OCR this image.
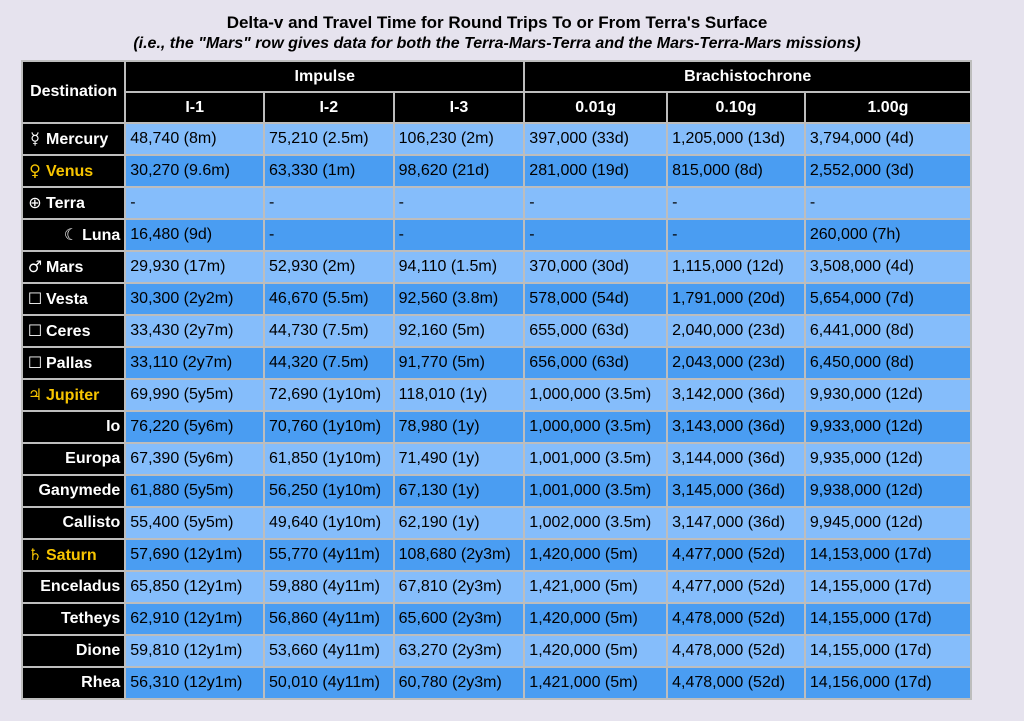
Delta-v and Travel Time for Round Trips To or From Terra's Surface
(i.e., the "Mars" row gives data for both the Terra-Mars-Terra and the Mars-Terra-Mars missions)
Destination	Impulse			Brachistochrone		
	I-1	I-2	I-3	0.01g	0.10g	1.00g
☿ Mercury	48,740 (8m)	75,210 (2.5m)	106,230 (2m)	397,000 (33d)	1,205,000 (13d)	3,794,000 (4d)
♀ Venus	30,270 (9.6m)	63,330 (1m)	98,620 (21d)	281,000 (19d)	815,000 (8d)	2,552,000 (3d)
⊕ Terra	-	-	-	-	-	-
☾ Luna	16,480 (9d)	-	-	-	-	260,000 (7h)
♂ Mars	29,930 (17m)	52,930 (2m)	94,110 (1.5m)	370,000 (30d)	1,115,000 (12d)	3,508,000 (4d)
☐ Vesta	30,300 (2y2m)	46,670 (5.5m)	92,560 (3.8m)	578,000 (54d)	1,791,000 (20d)	5,654,000 (7d)
☐ Ceres	33,430 (2y7m)	44,730 (7.5m)	92,160 (5m)	655,000 (63d)	2,040,000 (23d)	6,441,000 (8d)
☐ Pallas	33,110 (2y7m)	44,320 (7.5m)	91,770 (5m)	656,000 (63d)	2,043,000 (23d)	6,450,000 (8d)
♃ Jupiter	69,990 (5y5m)	72,690 (1y10m)	118,010 (1y)	1,000,000 (3.5m)	3,142,000 (36d)	9,930,000 (12d)
Io	76,220 (5y6m)	70,760 (1y10m)	78,980 (1y)	1,000,000 (3.5m)	3,143,000 (36d)	9,933,000 (12d)
Europa	67,390 (5y6m)	61,850 (1y10m)	71,490 (1y)	1,001,000 (3.5m)	3,144,000 (36d)	9,935,000 (12d)
Ganymede	61,880 (5y5m)	56,250 (1y10m)	67,130 (1y)	1,001,000 (3.5m)	3,145,000 (36d)	9,938,000 (12d)
Callisto	55,400 (5y5m)	49,640 (1y10m)	62,190 (1y)	1,002,000 (3.5m)	3,147,000 (36d)	9,945,000 (12d)
♄ Saturn	57,690 (12y1m)	55,770 (4y11m)	108,680 (2y3m)	1,420,000 (5m)	4,477,000 (52d)	14,153,000 (17d)
Enceladus	65,850 (12y1m)	59,880 (4y11m)	67,810 (2y3m)	1,421,000 (5m)	4,477,000 (52d)	14,155,000 (17d)
Tetheys	62,910 (12y1m)	56,860 (4y11m)	65,600 (2y3m)	1,420,000 (5m)	4,478,000 (52d)	14,155,000 (17d)
Dione	59,810 (12y1m)	53,660 (4y11m)	63,270 (2y3m)	1,420,000 (5m)	4,478,000 (52d)	14,155,000 (17d)
Rhea	56,310 (12y1m)	50,010 (4y11m)	60,780 (2y3m)	1,421,000 (5m)	4,478,000 (52d)	14,156,000 (17d)
